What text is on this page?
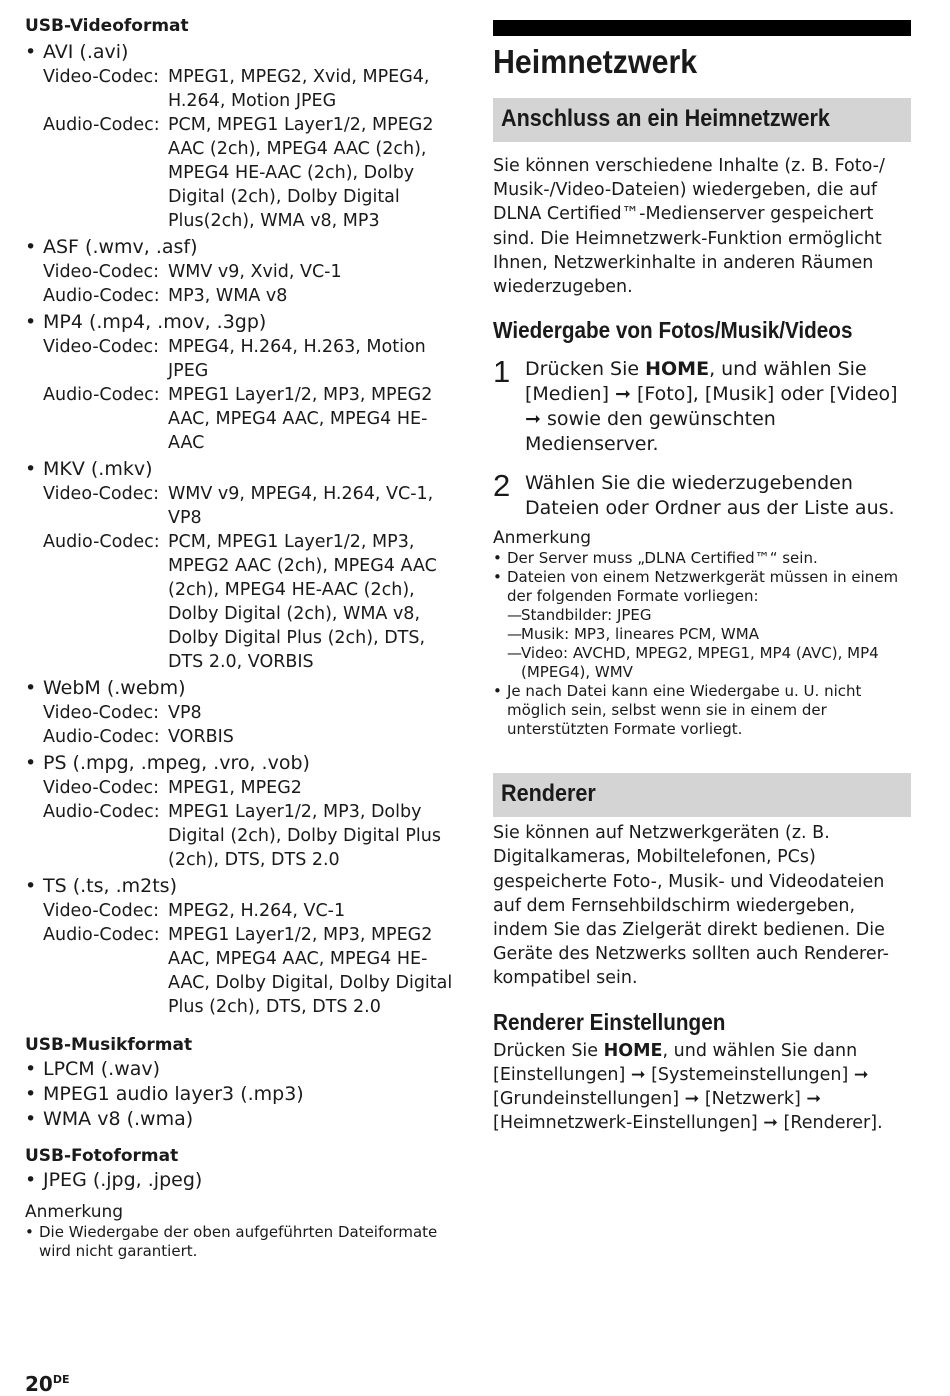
USB-Videoformat
• AVI (.avi)
Video-Codec: MPEG1, MPEG2, Xvid, MPEG4, H.264, Motion JPEG
Audio-Codec: PCM, MPEG1 Layer1/2, MPEG2 AAC (2ch), MPEG4 AAC (2ch), MPEG4 HE-AAC (2ch), Dolby Digital (2ch), Dolby Digital Plus(2ch), WMA v8, MP3
• ASF (.wmv, .asf)
Video-Codec: WMV v9, Xvid, VC-1
Audio-Codec: MP3, WMA v8
• MP4 (.mp4, .mov, .3gp)
Video-Codec: MPEG4, H.264, H.263, Motion JPEG
Audio-Codec: MPEG1 Layer1/2, MP3, MPEG2 AAC, MPEG4 AAC, MPEG4 HE-AAC
• MKV (.mkv)
Video-Codec: WMV v9, MPEG4, H.264, VC-1, VP8
Audio-Codec: PCM, MPEG1 Layer1/2, MP3, MPEG2 AAC (2ch), MPEG4 AAC (2ch), MPEG4 HE-AAC (2ch), Dolby Digital (2ch), WMA v8, Dolby Digital Plus (2ch), DTS, DTS 2.0, VORBIS
• WebM (.webm)
Video-Codec: VP8
Audio-Codec: VORBIS
• PS (.mpg, .mpeg, .vro, .vob)
Video-Codec: MPEG1, MPEG2
Audio-Codec: MPEG1 Layer1/2, MP3, Dolby Digital (2ch), Dolby Digital Plus (2ch), DTS, DTS 2.0
• TS (.ts, .m2ts)
Video-Codec: MPEG2, H.264, VC-1
Audio-Codec: MPEG1 Layer1/2, MP3, MPEG2 AAC, MPEG4 AAC, MPEG4 HE-AAC, Dolby Digital, Dolby Digital Plus (2ch), DTS, DTS 2.0
USB-Musikformat
• LPCM (.wav)
• MPEG1 audio layer3 (.mp3)
• WMA v8 (.wma)
USB-Fotoformat
• JPEG (.jpg, .jpeg)
Anmerkung
• Die Wiedergabe der oben aufgeführten Dateiformate wird nicht garantiert.
20DE
Heimnetzwerk
Anschluss an ein Heimnetzwerk
Sie können verschiedene Inhalte (z. B. Foto-/ Musik-/Video-Dateien) wiedergeben, die auf DLNA Certified™-Medienserver gespeichert sind. Die Heimnetzwerk-Funktion ermöglicht Ihnen, Netzwerkinhalte in anderen Räumen wiederzugeben.
Wiedergabe von Fotos/Musik/Videos
1 Drücken Sie HOME, und wählen Sie [Medien] ➞ [Foto], [Musik] oder [Video] ➞ sowie den gewünschten Medienserver.
2 Wählen Sie die wiederzugebenden Dateien oder Ordner aus der Liste aus.
Anmerkung
• Der Server muss „DLNA Certified™“ sein.
• Dateien von einem Netzwerkgerät müssen in einem der folgenden Formate vorliegen:
— Standbilder: JPEG
— Musik: MP3, lineares PCM, WMA
— Video: AVCHD, MPEG2, MPEG1, MP4 (AVC), MP4 (MPEG4), WMV
• Je nach Datei kann eine Wiedergabe u. U. nicht möglich sein, selbst wenn sie in einem der unterstützten Formate vorliegt.
Renderer
Sie können auf Netzwerkgeräten (z. B. Digitalkameras, Mobiltelefonen, PCs) gespeicherte Foto-, Musik- und Videodateien auf dem Fernsehbildschirm wiedergeben, indem Sie das Zielgerät direkt bedienen. Die Geräte des Netzwerks sollten auch Renderer-kompatibel sein.
Renderer Einstellungen
Drücken Sie HOME, und wählen Sie dann [Einstellungen] ➞ [Systemeinstellungen] ➞ [Grundeinstellungen] ➞ [Netzwerk] ➞ [Heimnetzwerk-Einstellungen] ➞ [Renderer].
